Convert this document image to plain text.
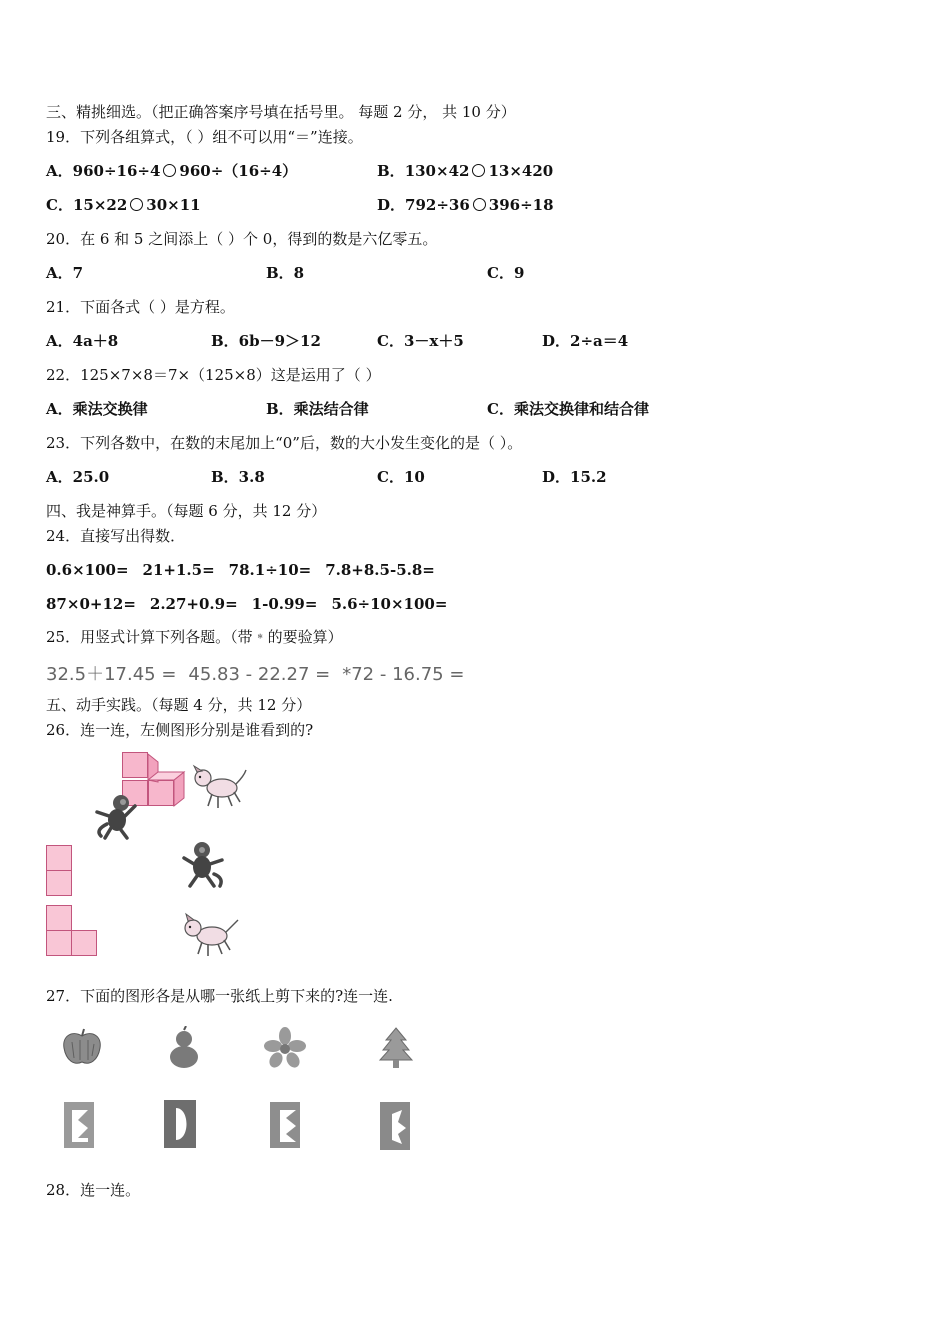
三、精挑细选。（把正确答案序号填在括号里。 每题 2 分， 共 10 分）
19．下列各组算式，（ ）组不可以用“＝”连接。
A．960÷16÷4 960÷（16÷4）	B．130×42 13×420
C．15×22 30×11	D．792÷36 396÷18
20．在 6 和 5 之间添上（ ）个 0，得到的数是六亿零五。
A．7	B．8	C．9
21．下面各式（ ）是方程。
A．4a＋8	B．6b－9＞12	C．3－x＋5	D．2÷a＝4
22．125×7×8＝7×（125×8）这是运用了（ ）
A．乘法交换律	B．乘法结合律	C．乘法交换律和结合律
23．下列各数中，在数的末尾加上“0”后，数的大小发生变化的是（ ）。
A．25.0	B．3.8	C．10	D．15.2
四、我是神算手。（每题 6 分，共 12 分）
24．直接写出得数．
0.6×100= 21+1.5= 78.1÷10= 7.8+8.5-5.8=
87×0+12= 2.27+0.9= 1-0.99= 5.6÷10×100=
25．用竖式计算下列各题。（带﹡的要验算）
32.5＋17.45 = 45.83 - 22.27 = *72 - 16.75 =
五、动手实践。（每题 4 分，共 12 分）
26．连一连，左侧图形分别是谁看到的?
27．下面的图形各是从哪一张纸上剪下来的?连一连.
28．连一连。
